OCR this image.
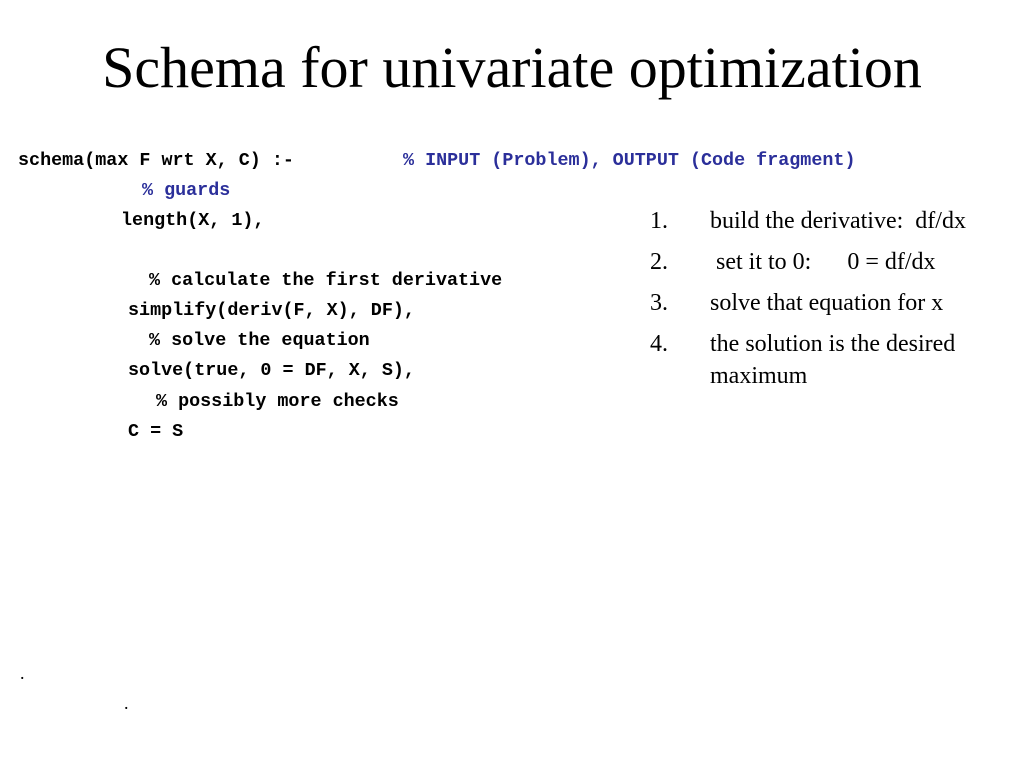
Schema for univariate optimization
schema(max F wrt X, C) :-	% INPUT (Problem), OUTPUT (Code fragment)
% guards
length(X, 1),
% calculate the first derivative
simplify(deriv(F, X), DF),
% solve the equation
solve(true, 0 = DF, X, S),
% possibly more checks
C = S
.
.
1. build the derivative:  df/dx
2. set it to 0:      0 = df/dx
3. solve that equation for x
4. the solution is the desired maximum
